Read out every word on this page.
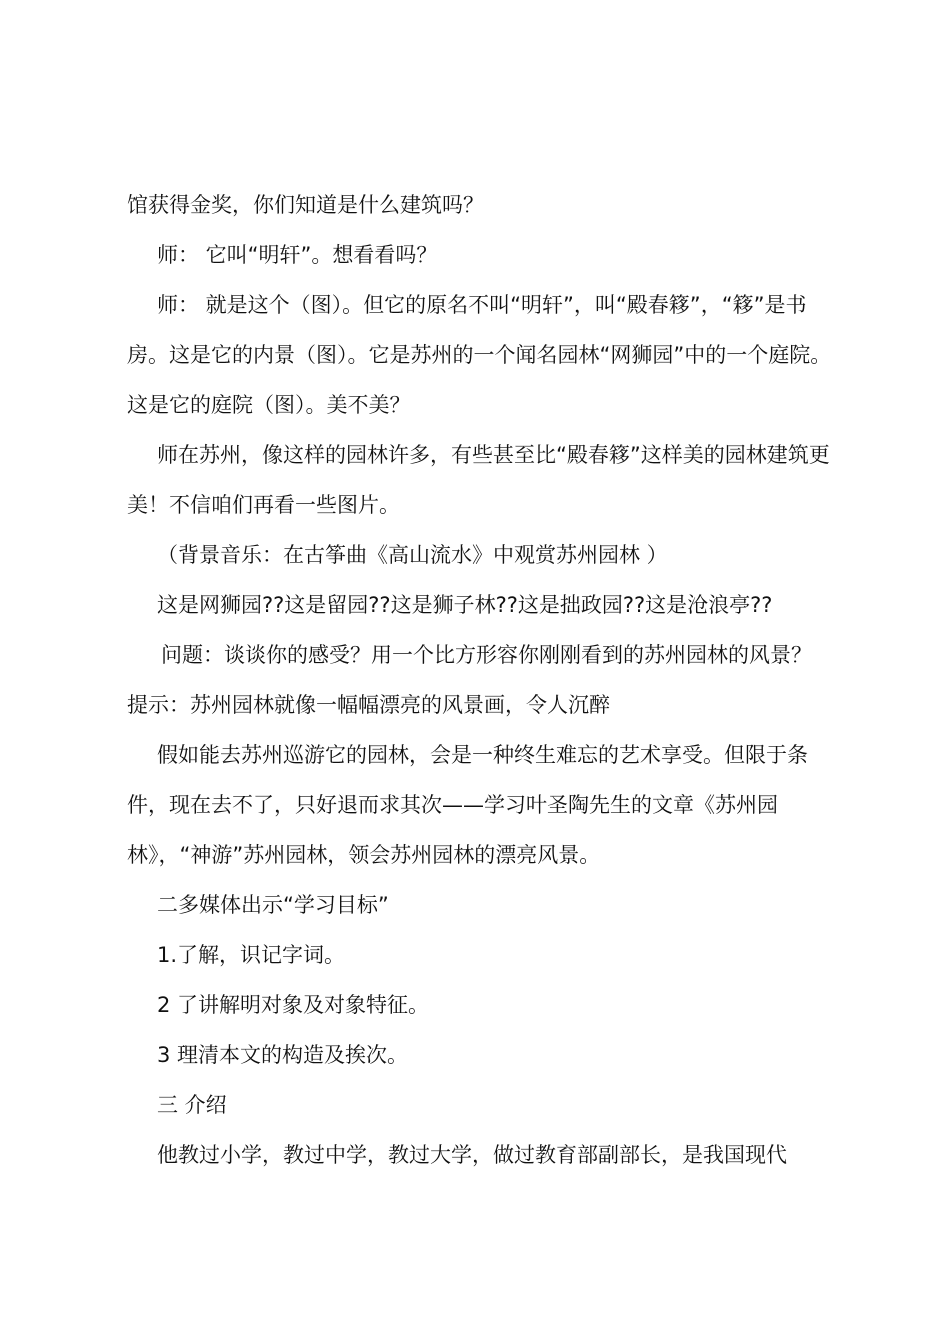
馆获得金奖，你们知道是什么建筑吗？

师： 它叫“明轩”。想看看吗？

师： 就是这个（图）。但它的原名不叫“明轩”，叫“殿春簃”，“簃”是书房。这是它的内景（图）。它是苏州的一个闻名园林“网狮园”中的一个庭院。这是它的庭院（图）。美不美？

师在苏州，像这样的园林许多，有些甚至比“殿春簃”这样美的园林建筑更美！不信咱们再看一些图片。

（背景音乐：在古筝曲《高山流水》中观赏苏州园林 ）

这是网狮园??这是留园??这是狮子林??这是拙政园??这是沧浪亭??

问题：谈谈你的感受？用一个比方形容你刚刚看到的苏州园林的风景？ 提示：苏州园林就像一幅幅漂亮的风景画，令人沉醉

假如能去苏州巡游它的园林，会是一种终生难忘的艺术享受。但限于条件，现在去不了，只好退而求其次——学习叶圣陶先生的文章《苏州园林》，“神游”苏州园林，领会苏州园林的漂亮风景。

二多媒体出示“学习目标”

1.了解，识记字词。

2 了讲解明对象及对象特征。

3 理清本文的构造及挨次。

三 介绍

他教过小学，教过中学，教过大学，做过教育部副部长，是我国现代
